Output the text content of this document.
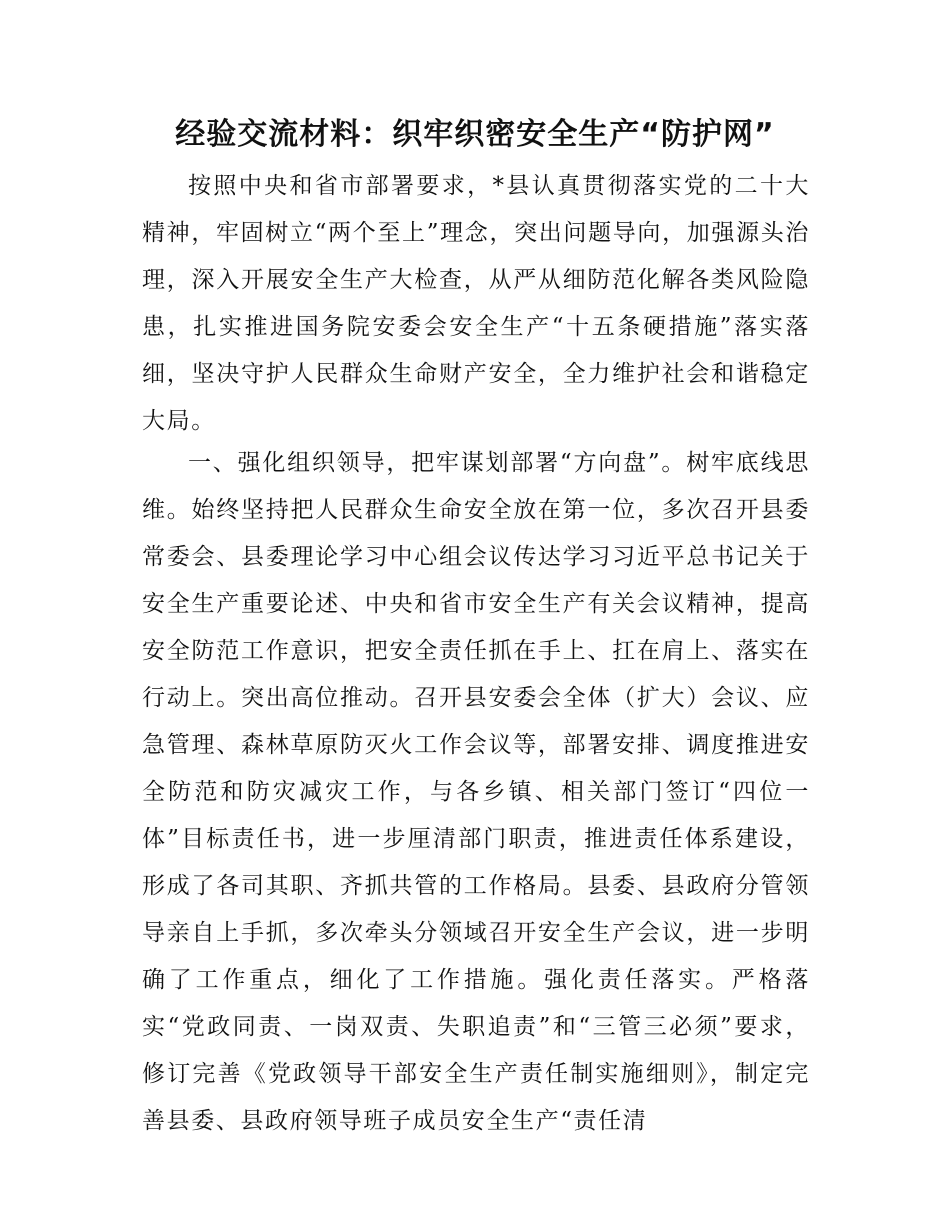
经验交流材料：织牢织密安全生产“防护网”

按照中央和省市部署要求，*县认真贯彻落实党的二十大精神，牢固树立“两个至上”理念，突出问题导向，加强源头治理，深入开展安全生产大检查，从严从细防范化解各类风险隐患，扎实推进国务院安委会安全生产“十五条硬措施”落实落细，坚决守护人民群众生命财产安全，全力维护社会和谐稳定大局。

一、强化组织领导，把牢谋划部署“方向盘”。树牢底线思维。始终坚持把人民群众生命安全放在第一位，多次召开县委常委会、县委理论学习中心组会议传达学习习近平总书记关于安全生产重要论述、中央和省市安全生产有关会议精神，提高安全防范工作意识，把安全责任抓在手上、扛在肩上、落实在行动上。突出高位推动。召开县安委会全体（扩大）会议、应急管理、森林草原防灭火工作会议等，部署安排、调度推进安全防范和防灾减灾工作，与各乡镇、相关部门签订“四位一体”目标责任书，进一步厘清部门职责，推进责任体系建设，形成了各司其职、齐抓共管的工作格局。县委、县政府分管领导亲自上手抓，多次牵头分领域召开安全生产会议，进一步明确了工作重点，细化了工作措施。强化责任落实。严格落实“党政同责、一岗双责、失职追责”和“三管三必须”要求，修订完善《党政领导干部安全生产责任制实施细则》，制定完善县委、县政府领导班子成员安全生产“责任清
